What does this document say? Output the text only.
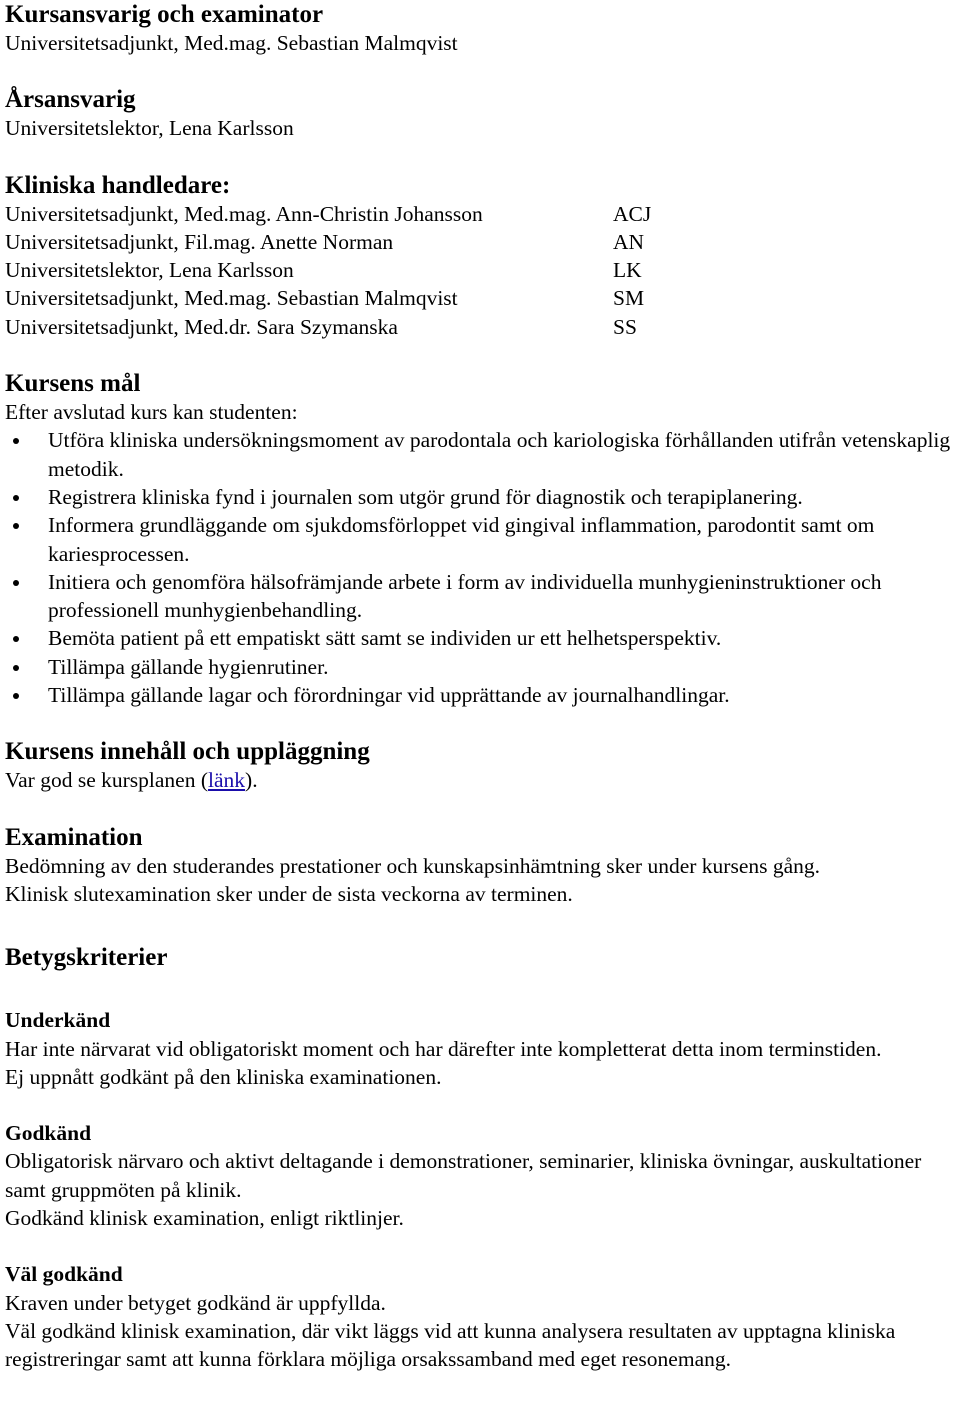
Kursansvarig och examinator

Universitetsadjunkt, Med.mag. Sebastian Malmqvist

Årsansvarig

Universitetslektor, Lena Karlsson

Kliniska handledare:
Universitetsadjunkt, Med.mag. Ann-Christin Johansson	ACJ
Universitetsadjunkt, Fil.mag. Anette Norman	AN
Universitetslektor, Lena Karlsson	LK
Universitetsadjunkt, Med.mag. Sebastian Malmqvist	SM
Universitetsadjunkt, Med.dr. Sara Szymanska	SS
Kursens mål

Efter avslutad kurs kan studenten:

Utföra kliniska undersökningsmoment av parodontala och kariologiska förhållanden utifrån vetenskaplig metodik.
Registrera kliniska fynd i journalen som utgör grund för diagnostik och terapiplanering.
Informera grundläggande om sjukdomsförloppet vid gingival inflammation, parodontit samt om kariesprocessen.
Initiera och genomföra hälsofrämjande arbete i form av individuella munhygieninstruktioner och professionell munhygienbehandling.
Bemöta patient på ett empatiskt sätt samt se individen ur ett helhetsperspektiv.
Tillämpa gällande hygienrutiner.
Tillämpa gällande lagar och förordningar vid upprättande av journalhandlingar.
Kursens innehåll och uppläggning

Var god se kursplanen (länk).

Examination

Bedömning av den studerandes prestationer och kunskapsinhämtning sker under kursens gång.

Klinisk slutexamination sker under de sista veckorna av terminen.

Betygskriterier
Underkänd

Har inte närvarat vid obligatoriskt moment och har därefter inte kompletterat detta inom terminstiden.

Ej uppnått godkänt på den kliniska examinationen.

Godkänd

Obligatorisk närvaro och aktivt deltagande i demonstrationer, seminarier, kliniska övningar, auskultationer samt gruppmöten på klinik.

Godkänd klinisk examination, enligt riktlinjer.

Väl godkänd

Kraven under betyget godkänd är uppfyllda.

Väl godkänd klinisk examination, där vikt läggs vid att kunna analysera resultaten av upptagna kliniska registreringar samt att kunna förklara möjliga orsakssamband med eget resonemang.
